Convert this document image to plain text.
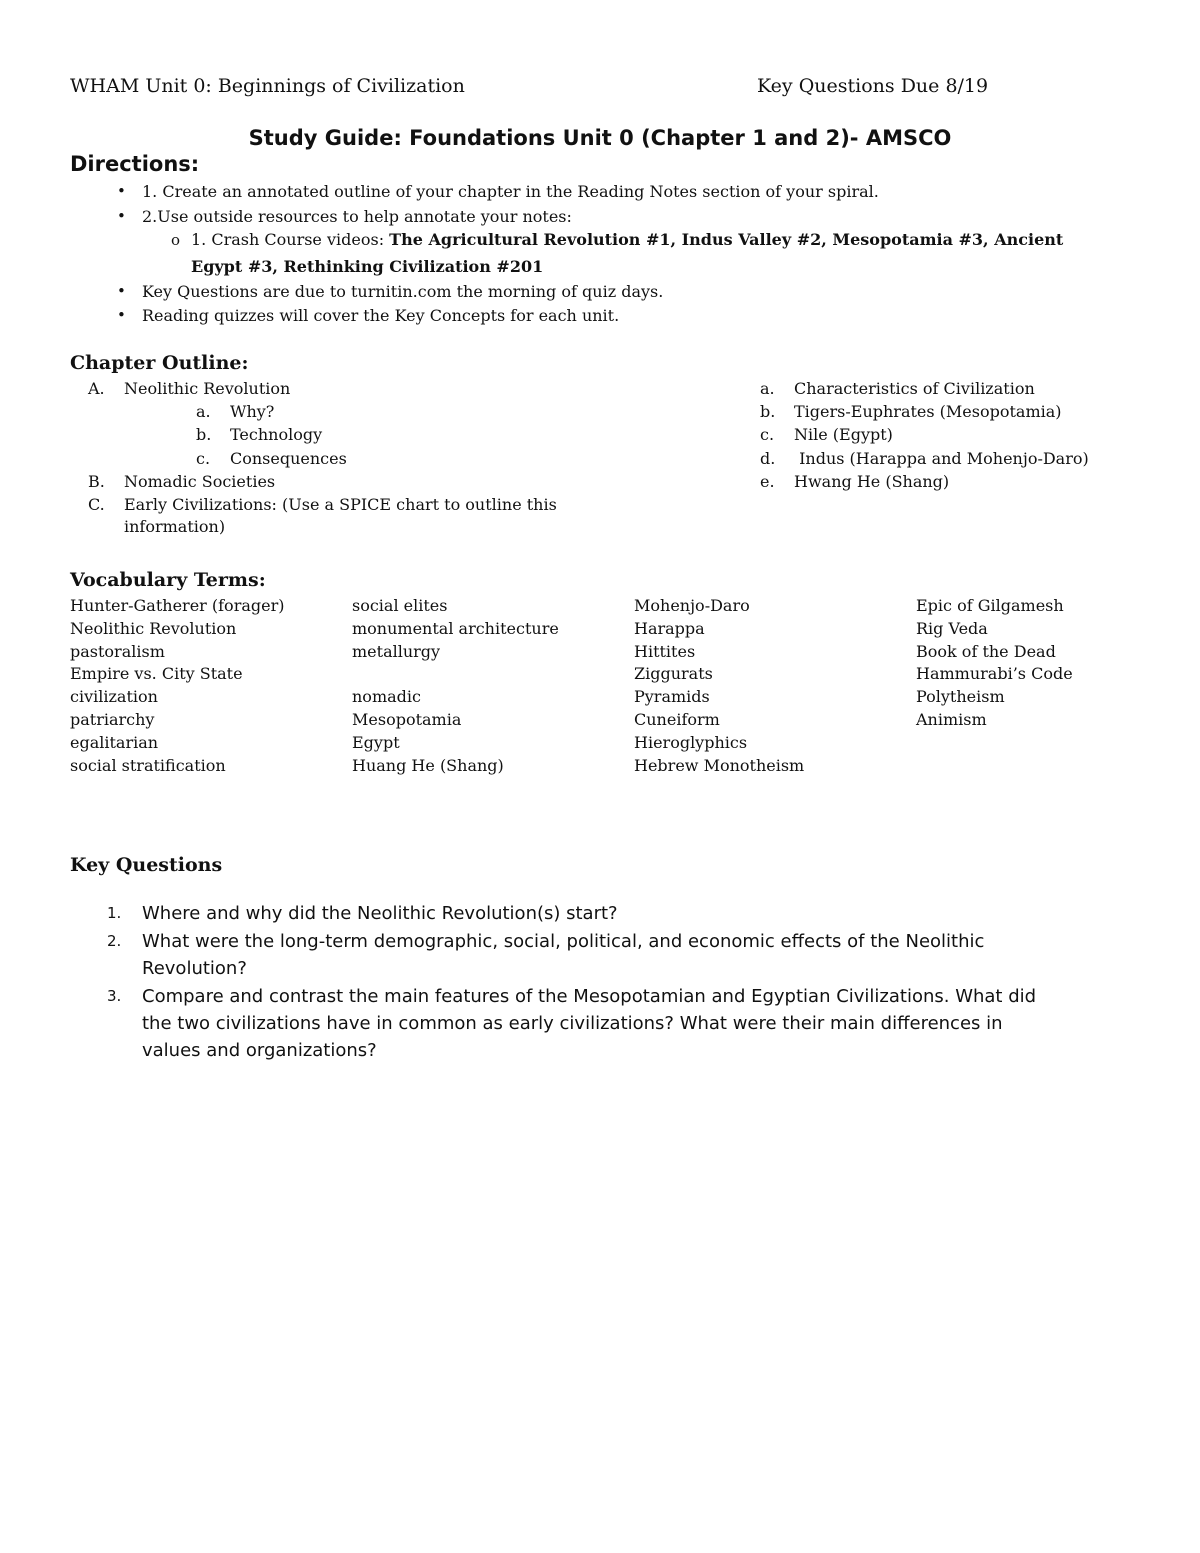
WHAM Unit 0: Beginnings of Civilization	Key Questions Due 8/19
Study Guide: Foundations Unit 0 (Chapter 1 and 2)- AMSCO
Directions:
• 1. Create an annotated outline of your chapter in the Reading Notes section of your spiral.
• 2.Use outside resources to help annotate your notes:
o 1. Crash Course videos: The Agricultural Revolution #1, Indus Valley #2, Mesopotamia #3, Ancient
Egypt #3, Rethinking Civilization #201
• Key Questions are due to turnitin.com the morning of quiz days.
• Reading quizzes will cover the Key Concepts for each unit.
Chapter Outline:
A. Neolithic Revolution
a. Why?
b. Technology
c. Consequences
B. Nomadic Societies
C. Early Civilizations: (Use a SPICE chart to outline this
information)
a. Characteristics of Civilization
b. Tigers-Euphrates (Mesopotamia)
c. Nile (Egypt)
d. Indus (Harappa and Mohenjo-Daro)
e. Hwang He (Shang)
Vocabulary Terms:
Hunter-Gatherer (forager)
Neolithic Revolution
pastoralism
Empire vs. City State
civilization
patriarchy
egalitarian
social stratification
social elites
monumental architecture
metallurgy
nomadic
Mesopotamia
Egypt
Huang He (Shang)
Mohenjo-Daro
Harappa
Hittites
Ziggurats
Pyramids
Cuneiform
Hieroglyphics
Hebrew Monotheism
Epic of Gilgamesh
Rig Veda
Book of the Dead
Hammurabi’s Code
Polytheism
Animism
Key Questions
1. Where and why did the Neolithic Revolution(s) start?
2. What were the long-term demographic, social, political, and economic effects of the Neolithic
Revolution?
3. Compare and contrast the main features of the Mesopotamian and Egyptian Civilizations. What did
the two civilizations have in common as early civilizations? What were their main differences in
values and organizations?
